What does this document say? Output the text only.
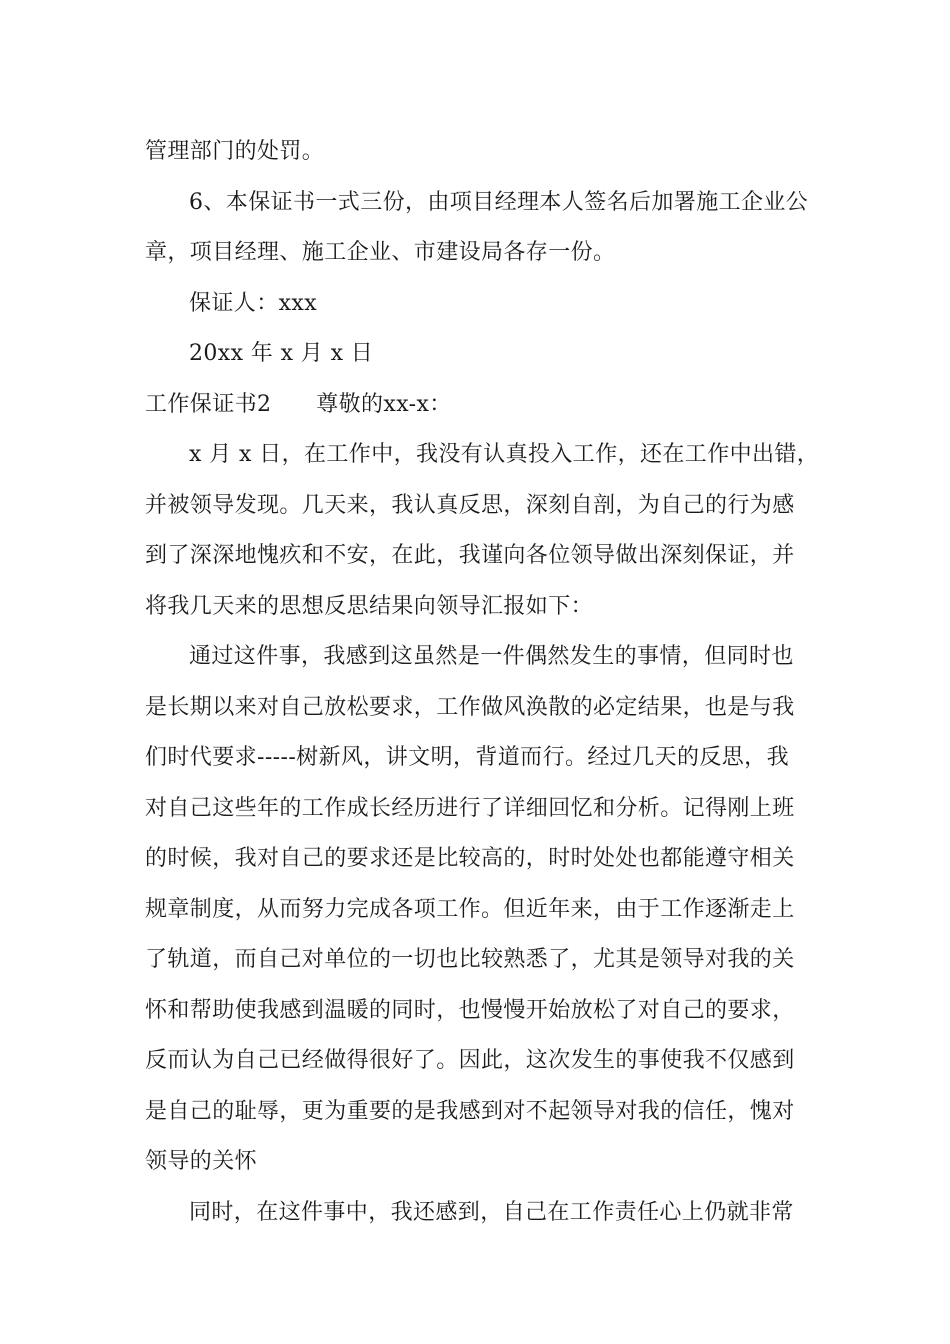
管理部门的处罚。
6、本保证书一式三份，由项目经理本人签名后加署施工企业公
章，项目经理、施工企业、市建设局各存一份。
保证人：xxx
20xx 年 x 月 x 日
工作保证书2　　尊敬的xx-x：
x 月 x 日，在工作中，我没有认真投入工作，还在工作中出错，
并被领导发现。几天来，我认真反思，深刻自剖，为自己的行为感
到了深深地愧疚和不安，在此，我谨向各位领导做出深刻保证，并
将我几天来的思想反思结果向领导汇报如下：
通过这件事，我感到这虽然是一件偶然发生的事情，但同时也
是长期以来对自己放松要求，工作做风涣散的必定结果，也是与我
们时代要求-----树新风，讲文明，背道而行。经过几天的反思，我
对自己这些年的工作成长经历进行了详细回忆和分析。记得刚上班
的时候，我对自己的要求还是比较高的，时时处处也都能遵守相关
规章制度，从而努力完成各项工作。但近年来，由于工作逐渐走上
了轨道，而自己对单位的一切也比较熟悉了，尤其是领导对我的关
怀和帮助使我感到温暖的同时，也慢慢开始放松了对自己的要求，
反而认为自己已经做得很好了。因此，这次发生的事使我不仅感到
是自己的耻辱，更为重要的是我感到对不起领导对我的信任，愧对
领导的关怀
同时，在这件事中，我还感到，自己在工作责任心上仍就非常
